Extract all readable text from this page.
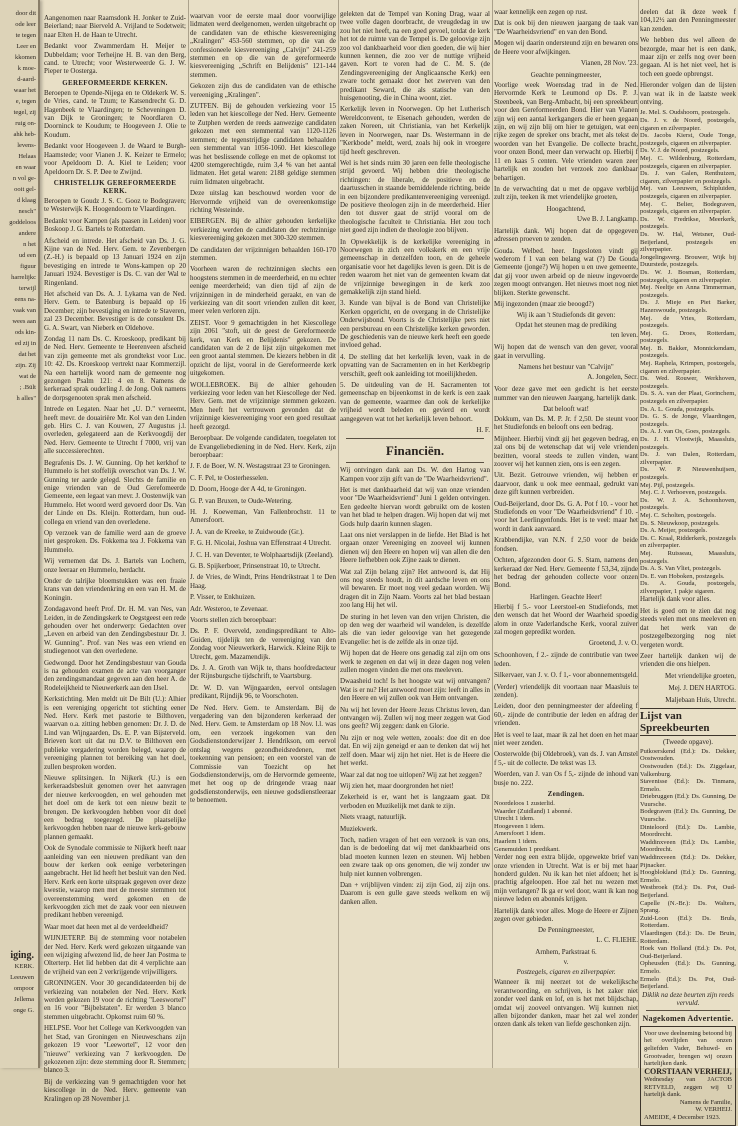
door dit

ode leer

te tegen

Leer en

kkomen

k moe-

d-aard-

waar het

e, tegen

tegel, zij

ruig on-

ahk heb-

levens-

Helaas

en waar

n vol ge-

ooit gel-

d klaag

nesch"

goddeloos

andere

n het

ud een

figuur

harrelijkc

terwijl

eens na-

vaak van

wees aan

ods kin-

ed zij in

dat het

zijn. Zij

wat de

; .Bült

h alles"

iging.

KERK.

Leeuwen

ompoor

Jellema

onge G.

Aangenomen naar Raamsdonk H. Jonker te Zuid-Beierland; naar Bierveld A. Vrijland te Sodetweit; naar Elten H. de Haan te Utrecht.

Bedankt voor Zwammerdam H. Meijer te Dubbeldam; voor Terheijne H. B. van den Berg, cand. te Utrecht; voor Westerweerde G. J. W. Pieper te Oosterga.

GEREFORMEERDE KERKEN.

Beroepen te Opende-Nijega en te Oldekerk W. S. de Vries, cand. te Tzum; te Katsendrecht G. D. Hagenbeek te Vlaardingen; te Scheveningen D. van Dijk te Groningen; te Noordlaren O. Doorninck te Koudum; te Hoogeveen J. Olie te Koudum.

Bedankt voor Hoogeveen J. de Waard te Burgh-Haamstede; voor Vianen J. K. Keizer te Ermelo; voor Apeldoorn D. A. Kiel te Leiden; voor Apeldoorn Dr. S. P. Dee te Zwijnd.

CHRISTELIJK GEREFORMEERDE KERK.

Beroepen te Goudz J. S. C. Gooz te Bodegraven; te Westerwijk K. Hoogendoorn te Vlaardingen.

Bedankt voor Kampen (als paasen in Leiden) voor Boskoop J. G. Bartels te Rotterdam.

Afscheid en intrede. Het afscheid van Ds. J. G. Kijne van de Ned. Herv. Gem. te Zevenbergen (Z.-H.) is bepaald op 13 Januari 1924 en zijn bevestiging en intrede te Wons-kampen op 20 Januari 1924. Bevestiger is Ds. C. van der Wal te Ringenland.

Het afscheid van Ds. A. J. Lykama van de Ned. Herv. Gem. te Batenburg is bepaald op 16 December; zijn bevestiging en intrede te Staveren, zal 23 December. Bevestiger is de consulent Ds. G. A. Swart, van Nieberk en Oldehove.

Zondag 11 nam Ds. C. Kroeskoop, predikant bij de Ned. Herv. Gemeente te Heerenveen afscheid van zijn gemeente met als grondtekst voor Luc. 10: 42. Ds. Kroeskoop vertrekt naar Kommerzijl. Na een hartelijk woord nam de gemeente nog gezongen Psalm 121: 4 en 8. Namens de kerkeraad sprak ouderling J. de Jong. Ook namens de dorpsgenooten sprak men afscheid.

Intrede en Legaten. Naar het „U. D." verneemt, heeft mevr. de douairière Mr. Kol van den Linden geb. Hirs C. J. van Kouwen, 27 Augustus j.l. overleden, gelegateerd aan de Kerkvoogdij der Ned. Herv. Gemeente te Utrecht f 7000, vrij van alle successierechten.

Begrafenis Ds. J. W. Gunning. Op het kerkhof te Hummelo is het stoffelijk overschot van Ds. J. W. Gunning ter aarde gelegd. Slechts de familie en enige vrienden van de Oud Gerefomeerde Gemeente, een legaat van mevr. J. Oostenwijk van Hummelo. Het woord werd gevoerd door Ds. Van der Linde en Ds. Kleijn. Rotterdam, hun oud-collega en vriend van den overledene.

Op verzoek van de familie werd aan de groeve niet gesproken. Ds. Fokkema tea J. Fokkema van Hummelo.

Wij vernemen dat Ds. J. Bartels van Lochem, onze leeraar en Hummelo, herdacht.

Onder de talrijke bloemstukken was een fraaie krans van den vriendenkring en een van H. M. de Koningin.

Zondagavond heeft Prof. Dr. H. M. van Nes, van Leiden, in de Zendingskerk te Oegstgeest een rede gehouden over het onderwerp: Gedachten over „Leven en arbeid van den Zendingsbestuur Dr. J. W. Gunning". Prof. van Nes was een vriend en studiegenoot van den overledene.

Gedwongd. Door het Zendingsbestuur van Gouda is na gehouden examen de acte van voorganger den zendingsmandaat gegeven aan den heer A. de Rodeleijkheid te Nieuwerkerk aan den IJsel.

Kerkstichting. Men meldt uit De Bilt (U.): Alhier is een vereniging opgericht tot stichting eener Ned. Herv. Kerk met pastorie te Bilthoven, waarvan o.a. zitting hebben genomen: Dr. J. D. de Lind van Wijngaarden, Ds. E. P. van Bijsterveld. Brieven kort uit dat nu D.V. te Bilthoven een publieke vergadering worden belegd, waarop de vereeniging plannen tot bereiking van het doel, zullen besproken worden.

Nieuwe splitsingen. In Nijkerk (U.) is een kerkeraadsbesluit genomen over het aanvragen der nieuwe kerkvoogden, en wel gehouden met het doel om de kerk tot een nieuw bezit te brengen. De kerkvoogden hebben voor dit doel een bedrag toegezegd. De plaatselijke kerkvoogden hebben naar de nieuwe kerk-gebouw plannen gemaakt.

Ook de Synodale commissie te Nijkerk heeft naar aanleiding van een nieuwen predikant van den bouw der kerken ook eenige verbeteringen aangebracht. Het lid heeft het besluit van den Ned. Herv. Kerk een korte uitspraak gegeven over deze kwestie, waarop men met de meeste stemmen tot overeenstemming werd gekomen en de kerkvoogden zich met de zaak voor een nieuwen predikant hebben vereenigd.

Waar moet dat heen met al de verdeeldheid?

WIJNJETERP. Bij de stemming voor notabelen der Ned. Herv. Kerk werd gekozen uitgaande van een wijziging afwezend lid, de heer Jan Postma te Olterterp. Het lid hebben dat dit 4 verplichte aan de vrijheid van een 2 verkrijgende vrijwilligers.

GRONINGEN. Voor 30 gecandidateerden bij de verkiezing van notabelen der Ned. Herv. Kerk werden gekozen 19 voor de richting "Leeswortel" en 16 voor "Bijbelstaten". Er werden 3 blanco stemmen uitgebracht. Opkomst ruim 60 %.

HELPSE. Voor het College van Kerkvoogden van het Stad, van Groningen en Nieuweschans zijn gekozen 19 voor "Leewortel", 12 voor den "nieuwe" verkiezing van 7 kerkvoogden. De gekozenen zijn: deze stemming door R. Stemmen; blanco 3.

Bij de verkiezing van 9 gemachtigden voor het kiescollege in de Ned. Herv. gemeente van Kralingen op 28 November j.l.

waarvan voor de eerste maal door voorwijlige lidmaten werd deelgenomen, werden uitgebracht op de candidaten van de ethische kiesvereeniging „Kralingen" 453-560 stemmen, op die van de confessioneele kiesvereeniging „Calvijn" 241-259 stemmen en op die van de gereformeerde kiesvereeniging „Schrift en Belijdenis" 121-144 stemmen.

Gekozen zijn dus de candidaten van de ethische vereeniging „Kralingen".

ZUTFEN. Bij de gehouden verkiezing voor 15 leden van het kiescollege der Ned. Herv. Gemeente te Zutphen werden de reeds aanwezige candidaten gekozen met een stemmental van 1120-1126 stemmen; de tegenstrijdige candidaten behaalden een stemmental van 1056-1060. Het kiescollege was het beslissende college en met de opkomst tot 4200 stemgerechtigde, ruim 3,4 % van het aantal lidmaten. Het getal waren: 2188 geldige stemmen ruim lidmaten uitgebracht.

Deze uitslag kan beschouwd worden voor de Hervormde vrijheid van de overeenkomstige richting Westeinde.

EIBERGEN. Bij de alhier gehouden kerkelijke verkiezing werden de candidaten der rechtzinnige kiesvereeniging gekozen met 300-320 stemmen.

De candidaten der vrijzinnigen behaalden 160-170 stemmen.

Voorheen waren de rechtzinnigen slechts een hoogstens stemmen in de meerderheid, en nu echter eenige meerderheid; van dien tijd af zijn de vrijzinnigen in de minderheid geraakt, en van de verkiezing van dit soort vrienden zullen dit keer, meer velen verloren zijn.

ZEIST. Voor 9 gemachtigden in het Kiescollege zijn 2061 "stoft, uit de geest de Gereformeerde kerk, van Kerk en Belijdenis" gekozen. De candidaten van de 2 de lijst zijn uitgekomen met een groot aantal stemmen. De kiezers hebben in dit opzicht de lijst, vooral in de Gereformeerde kerk uitgekomen.

WOLLEBROEK. Bij de alhier gehouden verkiezing voor leden van het Kiescollege der Ned. Herv. Gem. met de vrijzinnige stemmen gekozen. Men heeft het vertrouwen gevonden dat de vrijzinnige kiesvereeniging voor een goed resultaat heeft gezorgd.

Beroepbaar. De volgende candidaten, toegelaten tot de Evangeliebediening in de Ned. Herv. Kerk, zijn beroepbaar:

J. F. de Boer, W. N. Westagstraat 23 te Groningen.

C. F. Pel, te Oosterhesselen.

D. Doorn, Hooge der A 4d, te Groningen.

G. P. van Bruxen, te Oude-Wetering.

H. J. Koeweman, Van Fallenbrochstr. 11 te Amersfoort.

J. A. van de Kreeke, te Zuidwoude (Gr.).

F. G. H. Nicolai, Joshua van Effenstraat 4 Utrecht.

J. C. H. van Deventer, te Wolphaartsdijk (Zeeland).

G. B. Spijkerboer, Prinsenstraat 10, te Utrecht.

J. de Vries, de Windt, Prins Hendrikstraat 1 te Den Haag.

P. Visser, te Enkhuizen.

Adr. Westeroo, te Zevenaar.

Voorts stellen zich beroepbaar:

Ds. P. F. Overveld, zendingspredikant te Alto-Guiden, tijdelijk ten de vereeniging van den Zondag voor Nieuwerkerk, Harwick. Kleine Rijk te Utrecht, gem. Mazamendijk.

Ds. J. A. Groth van Wijk te, thans hoofdredacteur der Rijnsburgsche tijdschrift, te Vaartsburg.

Dr. W. D. van Wijngaarden, eervol ontslagen predikant, Rijndijk 96, te Voorschoten.

De Ned. Herv. Gem. te Amsterdam. Bij de vergadering van den bijzonderen kerkeraad der Ned. Herv. Gem. te Amsterdam op 18 Nov. l.l. was om, een verzoek ingekomen van den Godsdienstonderwijzer J. Hendrikson, om eervol ontslag wegens gezondheidsredenen, met toekenning van pensioen; en een voorstel van de Commissie van Toezicht op het Godsdienstonderwijs, om de Hervormde gemeente, met het oog op de dringende vraag naar godsdienstonderwijs, een nieuwe godsdienstleeraar te benoemen.

gelekten dat de Tempel van Koning Drag, waar al twee volle dagen doorbracht, de vreugdedag in uw zou het niet heeft, na een goed gevoel, totdat de kerk het tot de ruimte van de Tempel is. De geloovige zijn zoo vol dankbaarheid voor dien goeden, die wij hier kunnen kennen, die zoo ver de nuttige vrijheid gaven. Kort te voren had de C. M. S. (de Zendingsvereeniging der Anglicaansche Kerk) een zware tocht gemaakt door het zwerven van den predikant Seward, die als statische van den huisgenooting, die in China woont, ziet.

Kerkelijk leven in Noorwegen. Op het Lutherisch Wereldconvent, te Eisenach gehouden, werden de zaken Noreen, uit Christiania, van het Kerkelijk leven in Noorwegen, naar Ds. Westermann in de "Kerkbode" meldt, werd, zoals hij ook in vroegere tijd heeft geschreven.

Wel is het sinds ruim 30 jaren een felle theologische strijd gevoerd. Wij hebben drie theologische richtingen: de liberale, de positieve en de daartusschen in staande bemiddelende richting, beide in een bijzondere predikantenvereeniging vereenigd. De positieve theologen zijn in de meerderheid. Hier den tot dusver gaat de strijd vooral om de theologische faculteit te Christiania. Het zou toch niet goed zijn indien de theologie zoo blijven.

In Opwekkelijk is de kerkelijke vereeniging in Noorwegen in zich een volkskerk en een vrije gemeenschap in denzelfden toon, en de geheele organisatie voor het dagelijks leven is geen. Dit is de reden waarom het niet van de gemeenten kwam dat de vrijzinnige bewegingen in de kerk zoo gemakkelijk zijn stand hield.

3. Kunde van bijval is de Bond van Christelijke Kerken opgericht, en de overgang in de Christelijke Onderwijsbond. Voorts is de Christelijke pers niet een persbureau en een Christelijke kerken geworden. De geschiedenis van de nieuwe kerk heeft een goede invloed gehad.

4. De stelling dat het kerkelijk leven, vaak in de opvatting van de Sacramenten en in het Kerkbegrip verschilt, geeft ook aanleiding tot moeilijkheden.

5. De uitdeuling van de H. Sacramenten tot gemeenschap en bijeenkomst in de kerk is een zaak van de gemeente, waarmee dan ook de kerkelijke vrijheid wordt beleden en gevierd en wordt aangegeven wat tot het kerkelijk leven behoort.

H. F.
Financiën.

Wij ontvingen dank aan Ds. W. den Hartog van Kampen voor zijn gift van de "De Waarheidsvriend".

Het is met dankbaarheid dat wij van onze vrienden voor "De Waarheidsvriend" Juni 1 gelden ontvingen. Een gedeelte hiervan wordt gebruikt om de kosten van het blad te helpen dragen. Wij hopen dat wij met Gods hulp daarin kunnen slagen.

Laat ons niet verslappen in de liefde. Het Blad is het orgaan onzer Vereeniging en zooveel wij kunnen dienen wij den Heere en hopen wij van allen die den Heere liefhebben ook Zijne zaak te dienen.

Wat zal Zijn belang zijn? Het antwoord is, dat Hij ons nog steeds houdt, in dit aardsche leven en ons wil bewaren. Er moet nog veel gedaan worden. Wij dragen dit in Zijn Naam. Voorts zal het blad bestaan zoo lang Hij het wil.

De sturing in het leven van den vrijen Christen, die op den weg der waarheid wil wandelen, is dezelfde als die van ieder geloovige van het gezegende Evangelie: het is de zelfde als in onze tijd.

Wij hopen dat de Heere ons genadig zal zijn om ons werk te zegenen en dat wij in deze dagen nog velen zullen mogen vinden die met ons meeleven.

Dwaasheid toch! Is het hoogste wat wij ontvangen? Wat is er nu? Het antwoord moet zijn: leeft in alles in den Heere en wij zullen ook van Hem ontvangen.

Nu wij het leven der Heere Jezus Christus leven, dan ontvangen wij. Zullen wij nog meer zeggen wat God ons geeft? Wij zeggen: dank en Glorie.

Nu zijn er nog vele wetten, zooals: doe dit en doe dat. En wij zijn geneigd er aan te denken dat wij het zelf doen. Maar wij zijn het niet. Het is de Heere die het werkt.

Waar zal dat nog toe uitlopen? Wij zat het zeggen?

Wij zien het, maar doorgronden het niet!

Zekerheid is er, want het is langzaam gaat. Dit verboden en Muzikelijk met dank te zijn.

Niets vraagt, natuurlijk.

Muziekwerk.

Toch, nadien vragen of het een verzoek is van ons, dan is de bedoeling dat wij met dankbaarheid ons blad moeten kunnen lezen en steunen. Wij hebben een zware taak op ons genomen, die wij zonder uw hulp niet kunnen volbrengen.

Dan + vrijblijven vinden: zij zijn God, zij zijn ons. Daarom is een gulle gave steeds welkom en wij danken allen.

waar kennelijk een zegen op rust.

Dat is ook bij den nieuwen jaargang de taak van "De Waarheidsvriend" en van den Bond.

Mogen wij daarin ondersteund zijn en bewaren ons de Heere voor afwijkingen.

Vianen, 28 Nov. '23.
Geachte penningmeester,

Voorlige week Woensdag trad in de Ned. Hervormde Kerk te Leumond op Ds. P. J. Steenbeek, van Berg-Ambacht, bij een spreekbeurt voor den Gereformeerden Bond. Hier van Vianen zijn wij een aantal kerkgangers die er heen gegaan zijn, en wij zijn blij om hier te getuigen, wat een rijke zegen de spreker ons bracht, met als tekst de woorden van het Evangelie. De collecte bracht, voor onzen Bond, meer dan verwacht op. Hierbij f 11 en kaas 5 centen. Vele vrienden waren zeer hartelijk en zouden het verzoek zoo dankbaar behartigen.

In de verwachting dat u met de opgave verblijd zult zijn, teeken ik met vriendelijke groeten,

Hoogachtend,
Uwe B. J. Langkamp.

Hartelijk dank. Wij hopen dat de opgegeven adressen proeven te zenden.

Gouda. Welbed. heer. Ingesloten vindt gij wederom f 1 van een belang wat (?) De Gouda Gemeente (jonge?) Wij hopen u en uwe gemeente, dat gij voor uwen arbeid op de nieuw ingevoerde zegen moogt ontvangen. Het nieuws moet nog niet blijken. Sterkte gewenscht.

Mij ingezonden (maar zie beoogd?)

Wij ik aan 't Studiefonds dit geven:
Opdat het steunen mag de prediking
ten leven.

Wij hopen dat de wensch van den gever, vooral gaat in vervulling.

Namens het bestuur van "Calvijn"
A. Jongelen, Secr.

Voor deze gave met een gedicht is het eerste nummer van den nieuwen Jaargang, hartelijk dank.

Dat belooft wat!

Dokkum, van Ds. M. P. Jr. f 2,50. De steunt voor het Studiefonds en belooft ons een bedrag.

Mijnheer. Hierbij vindt gij het gegeven bedrag, en zal ons bij de wetenschap dat wij vele vrienden bezitten, vooral steeds te zullen vinden, want zoover wij het kunnen zien, ons is een zegen.

Uit. Bezit. Getrouwe vrienden, wij hebben er daarvoor, dank u ook mee eenmaal, gedrukt van deze gift kunnen verbreiden.

Oud-Beijerland, door Ds. G. A. Pot f 10. - voor het Studiefonds en voor "De Waarheidsvriend" f 10. - voor het Leerlingenfonds. Het is te veel: maar het wordt in dank aanvaard.

Krabbendijke, van N.N. f 2,50 voor de beide fondsen.

Ochten, afgezonden door G. S. Stam, namens den kerkeraad der Ned. Herv. Gemeente f 53,34, zijnde het bedrag der gehouden collecte voor onzen Bond.

Harlingen. Geachte Heer!

Hierbij f 5.- voor Leerstoel-en Studiefonds, met den wensch dat het Woord der Waarheid spoedig alom in onze Vaderlandsche Kerk, vooral zuiver zal mogen gepredikt worden.

Groetend, J. v. O.

Schoonhoven, f 2.- zijnde de contributie van twee leden.

Silkervaer, van J. v. O. f 1,- voor abonnementsgeld.

(Verder) vriendelijk dit voortaan naar Maasluis te zenden).

Leiden, door den penningmeester der afdeeling f 60,- zijnde de contributie der leden en afdrag der vrienden.

Het is veel te laat, maar ik zal het doen en het maar niet weer zenden.

Oosterwolde (bij Oldebroek), van ds. J. van Amstel f 5,- uit de collecte. De tekst was 13.

Woerden, van J. van Os f 5,- zijnde de inhoud van busje no. 222.

Zendingen.

Noordeloos 1 zusterlid.

Waarder (Zuidland) 1 abonné.

Utrecht 1 idem.

Hoogeveen 1 idem.

Amersfoort 1 idem.

Haarlem 1 idem.

Genemuiden 1 predikant.

Verder nog een extra blijde, opgewekte brief van onze vrienden in Utrecht. Wat is er bij met haar honderd gulden. Nu ik kan het niet afdoen; het is prachtig afgeloopen. Hoe zal het nu wezen met mijn verlangen? Ik ga er wel door, want ik kan nog nieuwe leden en abonnés krijgen.

Hartelijk dank voor alles. Moge de Heere er Zijnen zegen over gebieden.

De Penningmeester,
L. C. FLIEHE.
Arnhem, Parkstraat 6.
v.
Postzegels, cigaren en zilverpapier.

Wanneer ik mij neerzet tot de wekelijksche verantwoording, en schrijven, is het zaker niet zonder veel dank en lof, en is het met blijdschap, omdat wij zooveel ontvangen. Wij kunnen niet allen bijzonder danken, maar het zal wel zonder onzen dank als teken van liefde geschonken zijn.

deelen dat ik deze week f 104,12½ aan den Penningmeester kan zenden.

We hebben dus wel alleen de bezorgde, maar het is een dank, maar zijn er zelfs nog over been gegaan. Al is het niet veel, het is toch een goede opbrengst.

Hieronder volgen dan de lijsten van wat ik in de laatste week ontving.

Je. Mel. S. Oudshoorn, postzegels.

Ds. J. v. de Noord, postzegels, cigaren en zilverpapier.

Ds. Jacobs Kierst, Oude Tonge, postzegels, cigaren en zilverpapier.

Ds. V. J. de Noord, postzegels.

Mej. C. Wildenburg, Rotterdam, postzegels, cigaren en zilverpapier.

Ds. J. van Galen, Renthuizen, cigaren, zilverpapier en postzegels.

Mej. van Leeuwen, Schipluiden, postzegels, cigaren en zilverpapier.

Mej. C. Belier, Bodegraven, postzegels, cigaren en zilverpapier.

Ds. W. Fredrikse, Meerkerk, postzegels.

Ds. W. Hal, Wetsner, Oud-Beijerland, postzegels en zilverpapier.

Jongelingsverg. Brouwer, Wijk bij Duurstede, postzegels.

Ds. W. J. Bosman, Rotterdam, postzegels, cigaren en zilverpapier.

Mej. Neeltje en Anna Timmerman, postzegels.

Ds. J. Mieje en Piet Barker, Hazerswoude, postzegels.

Mej. de Vries, Rotterdam, postzegels.

Mej. G. Droes, Rotterdam, postzegels.

Mej. B. Bakker, Monnickendam, postzegels.

Mej. Raphela, Krimpen, postzegels, cigaren en zilverpapier.

Ds. Wed. Rouwer, Werkhoven, postzegels.

Ds. S. A. van der Plaat, Gorinchem, postzegels en zilverpapier.

Ds. A. L. Gouda, postzegels.

Ds. G. S. de Jonge, Vlaardingen, postzegels.

Ds. A. J. van Os, Goes, postzegels.

Ds. J. H. Vlootwijk, Maassluis, postzegels.

Ds. J. van Dalen, Rotterdam, zilverpapier.

Ds. W. P. Nieuwenhuijsen, postzegels.

Mej. Pijl, postzegels.

Mej. C. J. Verhoeven, postzegels.

Ds. W. J. A. Schoonhoven, postzegels.

Mej. C. Scholten, postzegels.

Ds. S. Nieuwkoop, postzegels.

Ds. A. Meijer, postzegels.

Ds. C. Kraal, Ridderkerk, postzegels en zilverpapier.

Mej. Ruisseau, Maassluis, postzegels.

Ds. A. S. Van Vliet, postzegels.

Ds. E. van Hoboken, postzegels.

Ds. A. Gouda, postzegels, zilverpapier, 1 pakje sigaren.

Hartelijk dank voor alles.

Het is goed om te zien dat nog steeds velen met ons meeleven en dat het werk van de postzegelbezorging nog niet vergeten wordt.

Zeer hartelijk danken wij de vrienden die ons hielpen.

Met vriendelijke groeten,
Mej. J. DEN HARTOG.
Maljebaan Huis, Utrecht.
Lijst van Spreekbeurten
(Tweede opgave).

Putkoerskend (Ed.): Ds. Dekker, Oostwouden.

Oostwouden (Ed.): Ds. Ziggelaar, Valkenburg.

Stavenisse (Ed.): Ds. Tinmans, Ermelo.

Driebruggen (Ed.): Ds. Gunning, De Vuursche.

Bodegraven (Ed.): Ds. Gunning, De Vuursche.

Dinteloord (Ed.): Ds. Lambie, Moordrecht.

Waddinxveen (Ed.): Ds. Lambie, Moordrecht.

Waddinxveen (Ed.): Ds. Dekker, Pijnacker.

Hoogblokland (Ed.): Ds. Gunning, Ermelo.

Westbroek (Ed.): Ds. Pot, Oud-Beijerland.

Capelle (N.-Br.): Ds. Walters, Sprang.

Zuid-Loon (Ed.): Ds. Bruls, Rotterdam.

Vlaardingen (Ed.): Ds. De Bruin, Rotterdam.

Hoek van Holland (Ed.): Ds. Pot, Oud-Beijerland.

Opheusden (Ed.): Ds. Gunning, Ermelo.

Ermelo (Ed.): Ds. Pot, Oud-Beijerland.

Diklik na deze beurten zijn reeds vervuld.
Nagekomen Advertentie.

Voor uwe deelneming betoond bij het overlijden van onzen geliefden Vader, Behuwd- en Grootvader, brengen wij onzen hartelijken dank.

CORSTIAAN VERHEIJ,

Wednesday van JACTOB RETVELD, zeggen wij U hartelijk dank.

Namens de Familie,

W. VERHEIJ.

AMEIDE, 4 December 1923.
